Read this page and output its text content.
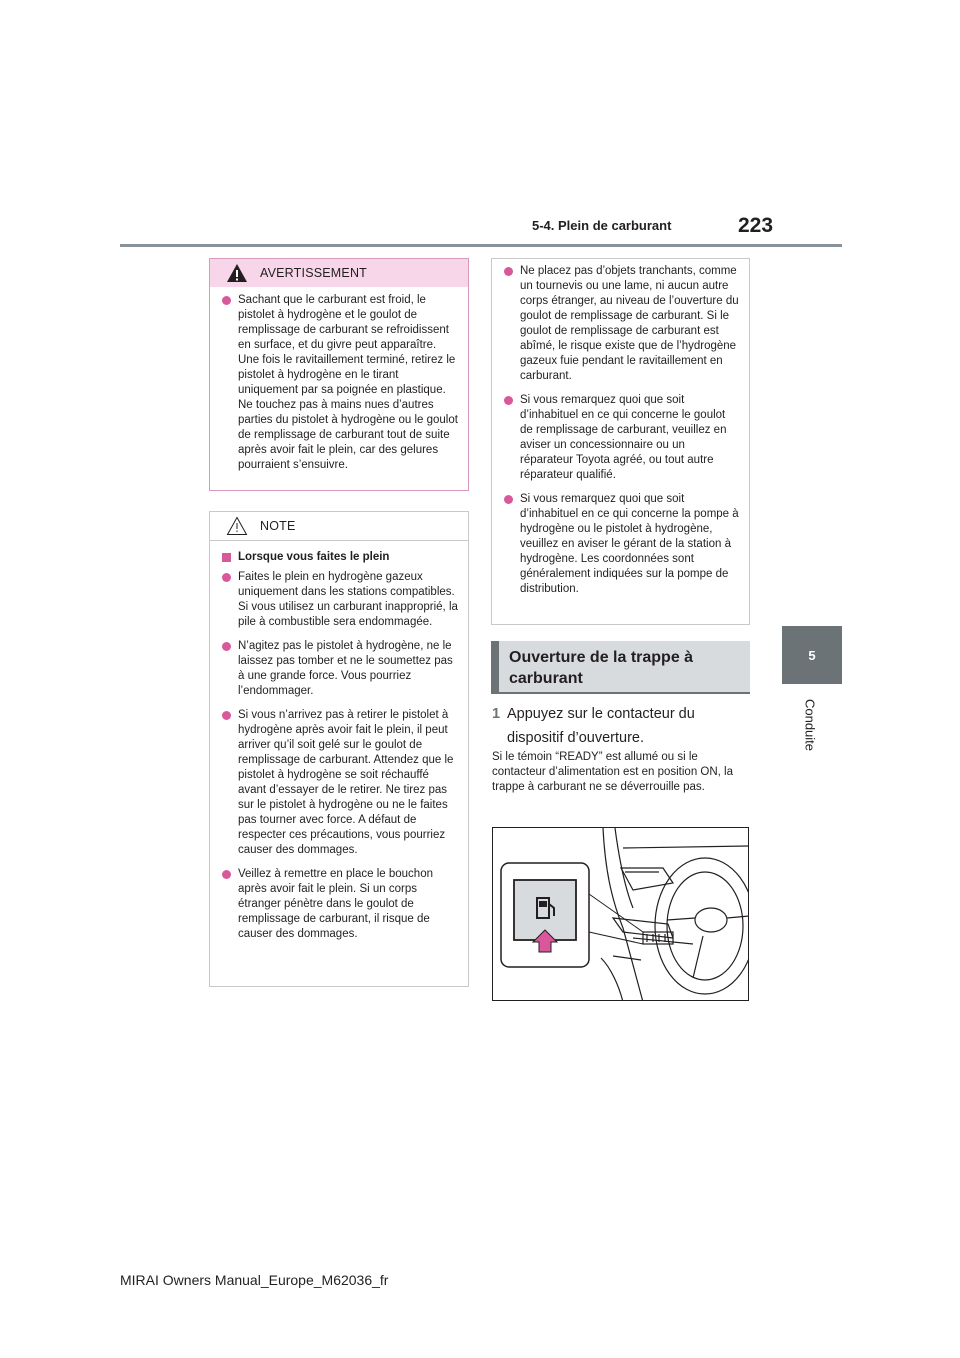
5-4. Plein de carburant	223
5
Conduite
AVERTISSEMENT
Sachant que le carburant est froid, le pistolet à hydrogène et le goulot de remplissage de carburant se refroidissent en surface, et du givre peut apparaître. Une fois le ravitaillement terminé, retirez le pistolet à hydrogène en le tirant uniquement par sa poignée en plastique. Ne touchez pas à mains nues d’autres parties du pistolet à hydrogène ou le goulot de remplissage de carburant tout de suite après avoir fait le plein, car des gelures pourraient s’ensuivre.
NOTE
Lorsque vous faites le plein
Faites le plein en hydrogène gazeux uniquement dans les stations compatibles. Si vous utilisez un carburant inapproprié, la pile à combustible sera endommagée.
N’agitez pas le pistolet à hydrogène, ne le laissez pas tomber et ne le soumettez pas à une grande force. Vous pourriez l’endommager.
Si vous n’arrivez pas à retirer le pistolet à hydrogène après avoir fait le plein, il peut arriver qu’il soit gelé sur le goulot de remplissage de carburant. Attendez que le pistolet à hydrogène se soit réchauffé avant d’essayer de le retirer. Ne tirez pas sur le pistolet à hydrogène ou ne le faites pas tourner avec force. A défaut de respecter ces précautions, vous pourriez causer des dommages.
Veillez à remettre en place le bouchon après avoir fait le plein. Si un corps étranger pénètre dans le goulot de remplissage de carburant, il risque de causer des dommages.
Ne placez pas d’objets tranchants, comme un tournevis ou une lame, ni aucun autre corps étranger, au niveau de l’ouverture du goulot de remplissage de carburant. Si le goulot de remplissage de carburant est abîmé, le risque existe que de l’hydrogène gazeux fuie pendant le ravitaillement en carburant.
Si vous remarquez quoi que soit d’inhabituel en ce qui concerne le goulot de remplissage de carburant, veuillez en aviser un concessionnaire ou un réparateur Toyota agréé, ou tout autre réparateur qualifié.
Si vous remarquez quoi que soit d’inhabituel en ce qui concerne la pompe à hydrogène ou le pistolet à hydrogène, veuillez en aviser le gérant de la station à hydrogène. Les coordonnées sont généralement indiquées sur la pompe de distribution.
Ouverture de la trappe à carburant
1 Appuyez sur le contacteur du dispositif d’ouverture.
Si le témoin “READY” est allumé ou si le contacteur d’alimentation est en position ON, la trappe à carburant ne se déverrouille pas.
MIRAI Owners Manual_Europe_M62036_fr
